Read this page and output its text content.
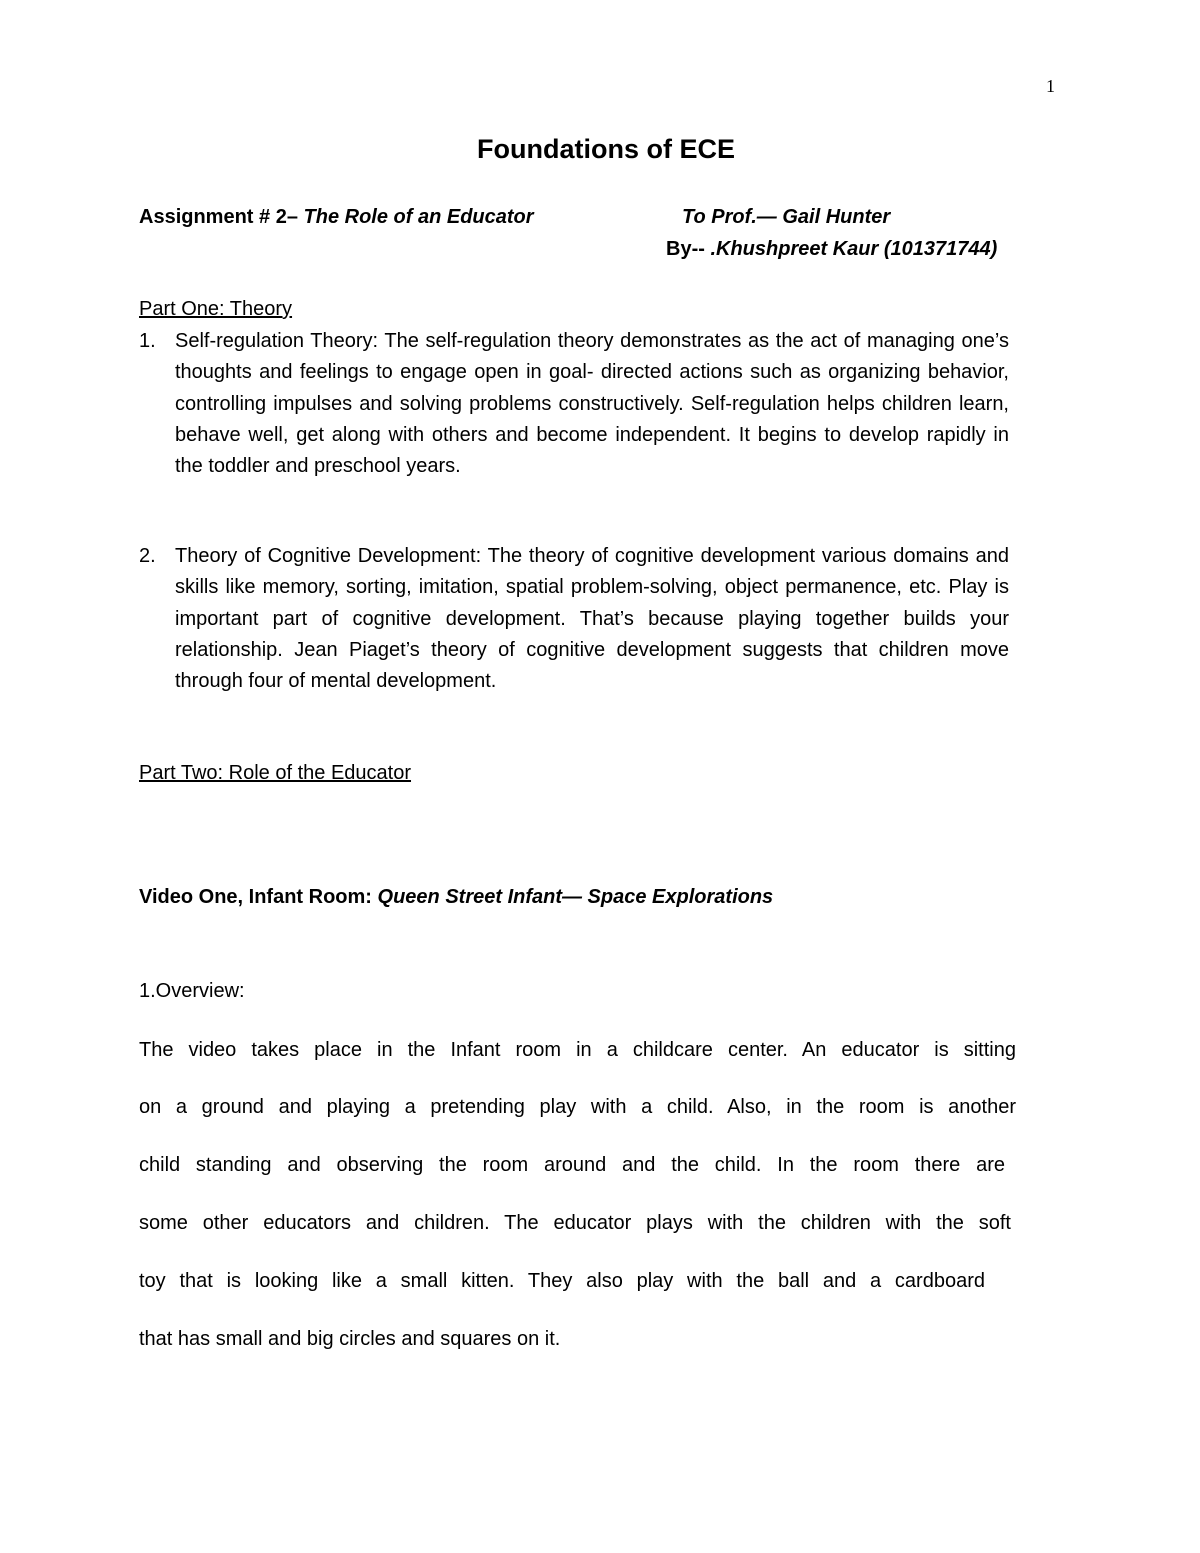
1
Foundations of ECE
Assignment # 2– The Role of an Educator	To Prof.— Gail Hunter
By-- .Khushpreet Kaur (101371744)
Part One: Theory
1. Self-regulation Theory: The self-regulation theory demonstrates as the act of managing one’s thoughts and feelings to engage open in goal- directed actions such as organizing behavior, controlling impulses and solving problems constructively. Self-regulation helps children learn, behave well, get along with others and become independent. It begins to develop rapidly in the toddler and preschool years.
2. Theory of Cognitive Development: The theory of cognitive development various domains and skills like memory, sorting, imitation, spatial problem-solving, object permanence, etc. Play is important part of cognitive development. That’s because playing together builds your relationship. Jean Piaget’s theory of cognitive development suggests that children move through four of mental development.
Part Two: Role of the Educator
Video One, Infant Room: Queen Street Infant— Space Explorations
1.Overview:
The video takes place in the Infant room in a childcare center. An educator is sitting
on a ground and playing a pretending play with a child. Also, in the room is another
child standing and observing the room around and the child. In the room there are
some other educators and children. The educator plays with the children with the soft
toy that is looking like a small kitten. They also play with the ball and a cardboard
that has small and big circles and squares on it.
